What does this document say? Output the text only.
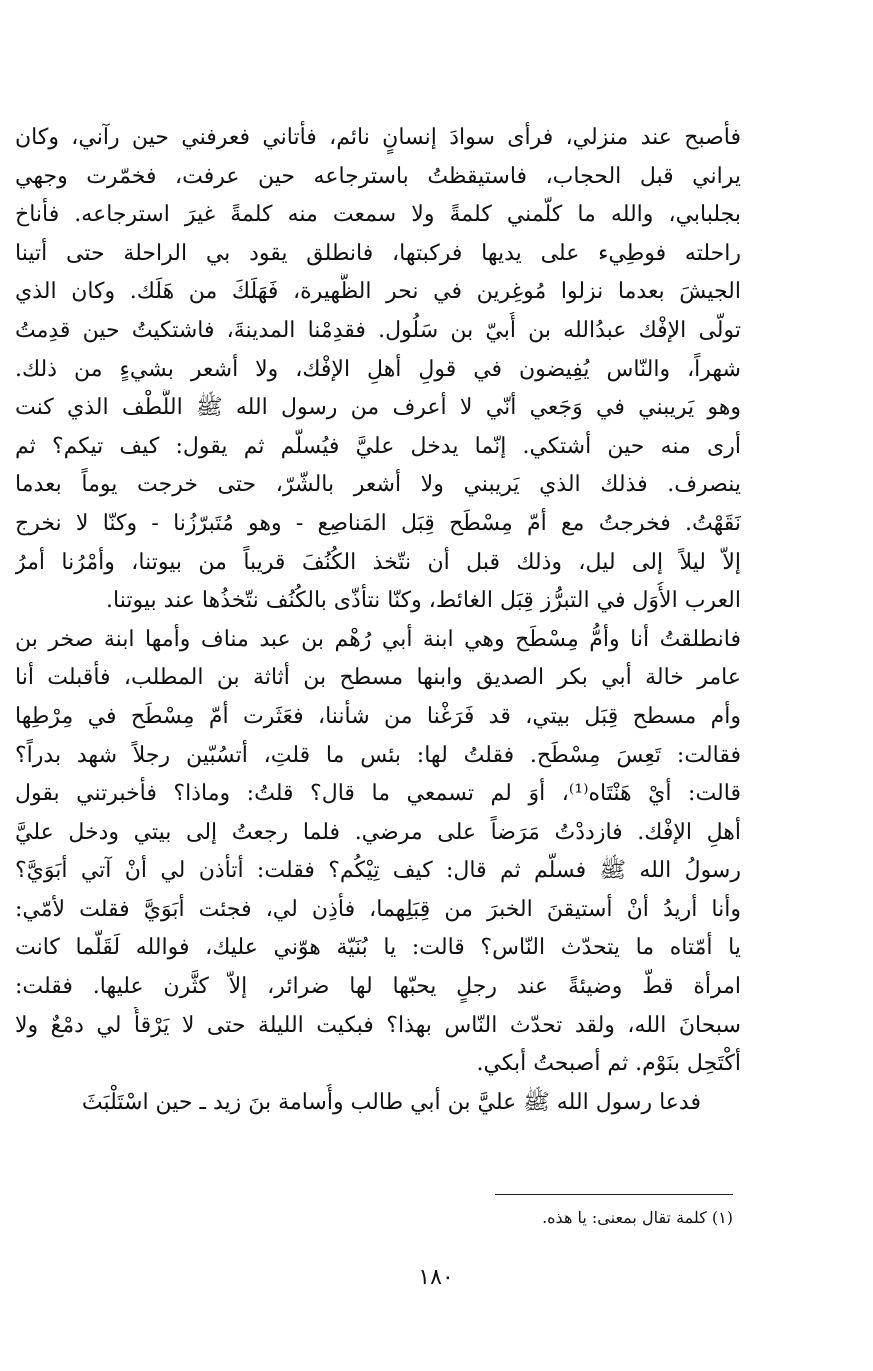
فأصبح عند منزلي، فرأى سوادَ إنسانٍ نائم، فأتاني فعرفني حين رآني، وكان
يراني قبل الحجاب، فاستيقظتُ باسترجاعه حين عرفت، فخمّرت وجهي
بجلبابي، والله ما كلّمني كلمةً ولا سمعت منه كلمةً غيرَ استرجاعه. فأناخ
راحلته فوطِيء على يديها فركبتها، فانطلق يقود بي الراحلة حتى أتينا
الجيشَ بعدما نزلوا مُوغِرين في نحر الظَّهيرة، فَهَلَكَ من هَلَك. وكان الذي
تولّى الإفْك عبدُالله بن أُبيّ بن سَلُول. فقدِمْنا المدينةَ، فاشتكيتُ حين قدِمتُ
شهراً، والنّاس يُفِيضون في قولِ أهلِ الإفْك، ولا أشعر بشيءٍ من ذلك.
وهو يَريبني في وَجَعي أنّي لا أعرف من رسول الله ﷺ اللُّطْف الذي كنت
أرى منه حين أشتكي. إنّما يدخل عليَّ فيُسلّم ثم يقول: كيف تيكم؟ ثم
ينصرف. فذلك الذي يَريبني ولا أشعر بالشّرّ، حتى خرجت يوماً بعدما
نَقَهْتُ. فخرجتُ مع أمّ مِسْطَح قِبَل المَناصِع - وهو مُتَبرّزُنا - وكنّا لا نخرج
إلاّ ليلاً إلى ليل، وذلك قبل أن نتّخذ الكُنُفَ قريباً من بيوتنا، وأمْرُنا أمرُ
العرب الأُوَل في التبرُّز قِبَل الغائط، وكنّا نتأذّى بالكُنُف نتّخذُها عند بيوتنا.
فانطلقتُ أنا وأمُّ مِسْطَح وهي ابنة أبي رُهْم بن عبد مناف وأمها ابنة صخر بن
عامر خالة أبي بكر الصديق وابنها مسطح بن أثاثة بن المطلب، فأقبلت أنا
وأم مسطح قِبَل بيتي، قد فَرَغْنا من شأننا، فعَثَرت أمّ مِسْطَح في مِرْطِها
فقالت: تَعِسَ مِسْطَح. فقلتُ لها: بئس ما قلتِ، أتسُبّين رجلاً شهد بدراً؟
قالت: أيْ هَنْتَاه⁽¹⁾، أوَ لم تسمعي ما قال؟ قلتُ: وماذا؟ فأخبرتني بقول
أهلِ الإفْك. فازددْتُ مَرَضاً على مرضي. فلما رجعتُ إلى بيتي ودخل عليَّ
رسولُ الله ﷺ فسلّم ثم قال: كيف تِيْكُم؟ فقلت: أتأذن لي أنْ آتي أبَوَيَّ؟
وأنا أريدُ أنْ أستيقنَ الخبرَ من قِبَلِهما، فأذِن لي، فجئت أبَوَيَّ فقلت لأمّي:
يا أمّتاه ما يتحدّث النّاس؟ قالت: يا بُنَيّة هوّني عليك، فوالله لَقَلّما كانت
امرأة قطّ وضيئةً عند رجلٍ يحبّها لها ضرائر، إلاّ كثَّرن عليها. فقلت:
سبحانَ الله، ولقد تحدّث النّاس بهذا؟ فبكيت الليلة حتى لا يَرْقأُ لي دمْعٌ ولا
أكْتَحِل بنَوْم. ثم أصبحتُ أبكي.
فدعا رسول الله ﷺ عليَّ بن أبي طالب وأُسامة بنَ زيد ـ حين اسْتَلْبَثَ
(١) كلمة تقال بمعنى: يا هذه.
١٨٠
